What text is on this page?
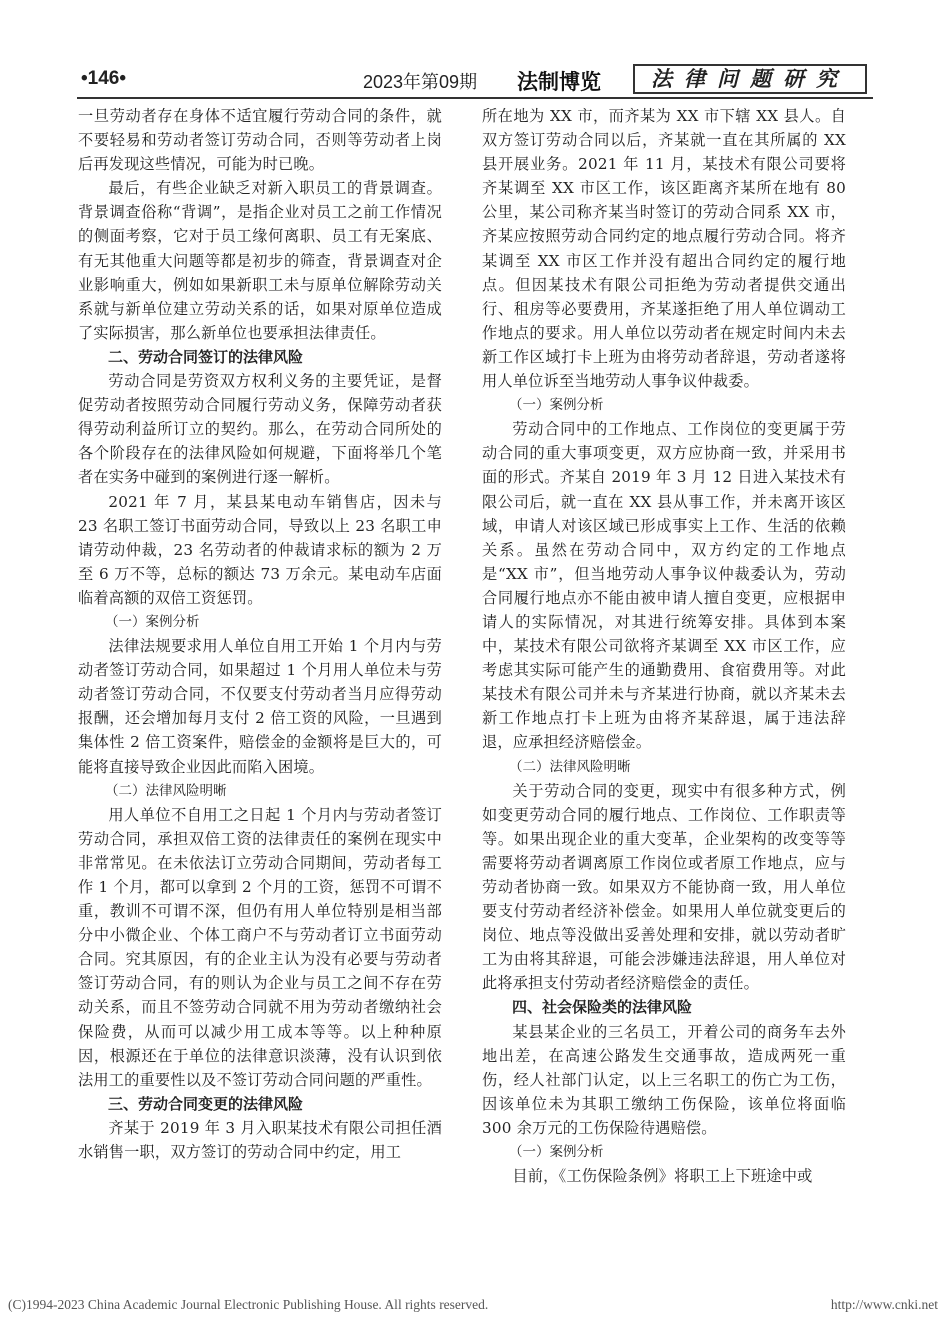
•146•	2023年第09期 法制博览	法律问题研究

一旦劳动者存在身体不适宜履行劳动合同的条件，就不要轻易和劳动者签订劳动合同，否则等劳动者上岗后再发现这些情况，可能为时已晚。

最后，有些企业缺乏对新入职员工的背景调查。背景调查俗称“背调”，是指企业对员工之前工作情况的侧面考察，它对于员工缘何离职、员工有无案底、有无其他重大问题等都是初步的筛查，背景调查对企业影响重大，例如如果新职工未与原单位解除劳动关系就与新单位建立劳动关系的话，如果对原单位造成了实际损害，那么新单位也要承担法律责任。

二、劳动合同签订的法律风险

劳动合同是劳资双方权利义务的主要凭证，是督促劳动者按照劳动合同履行劳动义务，保障劳动者获得劳动利益所订立的契约。那么，在劳动合同所处的各个阶段存在的法律风险如何规避，下面将举几个笔者在实务中碰到的案例进行逐一解析。

2021 年 7 月，某县某电动车销售店，因未与 23 名职工签订书面劳动合同，导致以上 23 名职工申请劳动仲裁，23 名劳动者的仲裁请求标的额为 2 万至 6 万不等，总标的额达 73 万余元。某电动车店面临着高额的双倍工资惩罚。

（一）案例分析

法律法规要求用人单位自用工开始 1 个月内与劳动者签订劳动合同，如果超过 1 个月用人单位未与劳动者签订劳动合同，不仅要支付劳动者当月应得劳动报酬，还会增加每月支付 2 倍工资的风险，一旦遇到集体性 2 倍工资案件，赔偿金的金额将是巨大的，可能将直接导致企业因此而陷入困境。

（二）法律风险明晰

用人单位不自用工之日起 1 个月内与劳动者签订劳动合同，承担双倍工资的法律责任的案例在现实中非常常见。在未依法订立劳动合同期间，劳动者每工作 1 个月，都可以拿到 2 个月的工资，惩罚不可谓不重，教训不可谓不深，但仍有用人单位特别是相当部分中小微企业、个体工商户不与劳动者订立书面劳动合同。究其原因，有的企业主认为没有必要与劳动者签订劳动合同，有的则认为企业与员工之间不存在劳动关系，而且不签劳动合同就不用为劳动者缴纳社会保险费，从而可以减少用工成本等等。以上种种原因，根源还在于单位的法律意识淡薄，没有认识到依法用工的重要性以及不签订劳动合同问题的严重性。

三、劳动合同变更的法律风险

齐某于 2019 年 3 月入职某技术有限公司担任酒水销售一职，双方签订的劳动合同中约定，用工

所在地为 XX 市，而齐某为 XX 市下辖 XX 县人。自双方签订劳动合同以后，齐某就一直在其所属的 XX 县开展业务。2021 年 11 月，某技术有限公司要将齐某调至 XX 市区工作，该区距离齐某所在地有 80 公里，某公司称齐某当时签订的劳动合同系 XX 市，齐某应按照劳动合同约定的地点履行劳动合同。将齐某调至 XX 市区工作并没有超出合同约定的履行地点。但因某技术有限公司拒绝为劳动者提供交通出行、租房等必要费用，齐某遂拒绝了用人单位调动工作地点的要求。用人单位以劳动者在规定时间内未去新工作区域打卡上班为由将劳动者辞退，劳动者遂将用人单位诉至当地劳动人事争议仲裁委。

（一）案例分析

劳动合同中的工作地点、工作岗位的变更属于劳动合同的重大事项变更，双方应协商一致，并采用书面的形式。齐某自 2019 年 3 月 12 日进入某技术有限公司后，就一直在 XX 县从事工作，并未离开该区域，申请人对该区域已形成事实上工作、生活的依赖关系。虽然在劳动合同中，双方约定的工作地点是“XX 市”，但当地劳动人事争议仲裁委认为，劳动合同履行地点亦不能由被申请人擅自变更，应根据申请人的实际情况，对其进行统筹安排。具体到本案中，某技术有限公司欲将齐某调至 XX 市区工作，应考虑其实际可能产生的通勤费用、食宿费用等。对此某技术有限公司并未与齐某进行协商，就以齐某未去新工作地点打卡上班为由将齐某辞退，属于违法辞退，应承担经济赔偿金。

（二）法律风险明晰

关于劳动合同的变更，现实中有很多种方式，例如变更劳动合同的履行地点、工作岗位、工作职责等等。如果出现企业的重大变革，企业架构的改变等等需要将劳动者调离原工作岗位或者原工作地点，应与劳动者协商一致。如果双方不能协商一致，用人单位要支付劳动者经济补偿金。如果用人单位就变更后的岗位、地点等没做出妥善处理和安排，就以劳动者旷工为由将其辞退，可能会涉嫌违法辞退，用人单位对此将承担支付劳动者经济赔偿金的责任。

四、社会保险类的法律风险

某县某企业的三名员工，开着公司的商务车去外地出差，在高速公路发生交通事故，造成两死一重伤，经人社部门认定，以上三名职工的伤亡为工伤，因该单位未为其职工缴纳工伤保险，该单位将面临 300 余万元的工伤保险待遇赔偿。

（一）案例分析

目前，《工伤保险条例》将职工上下班途中或

(C)1994-2023 China Academic Journal Electronic Publishing House. All rights reserved.	http://www.cnki.net
